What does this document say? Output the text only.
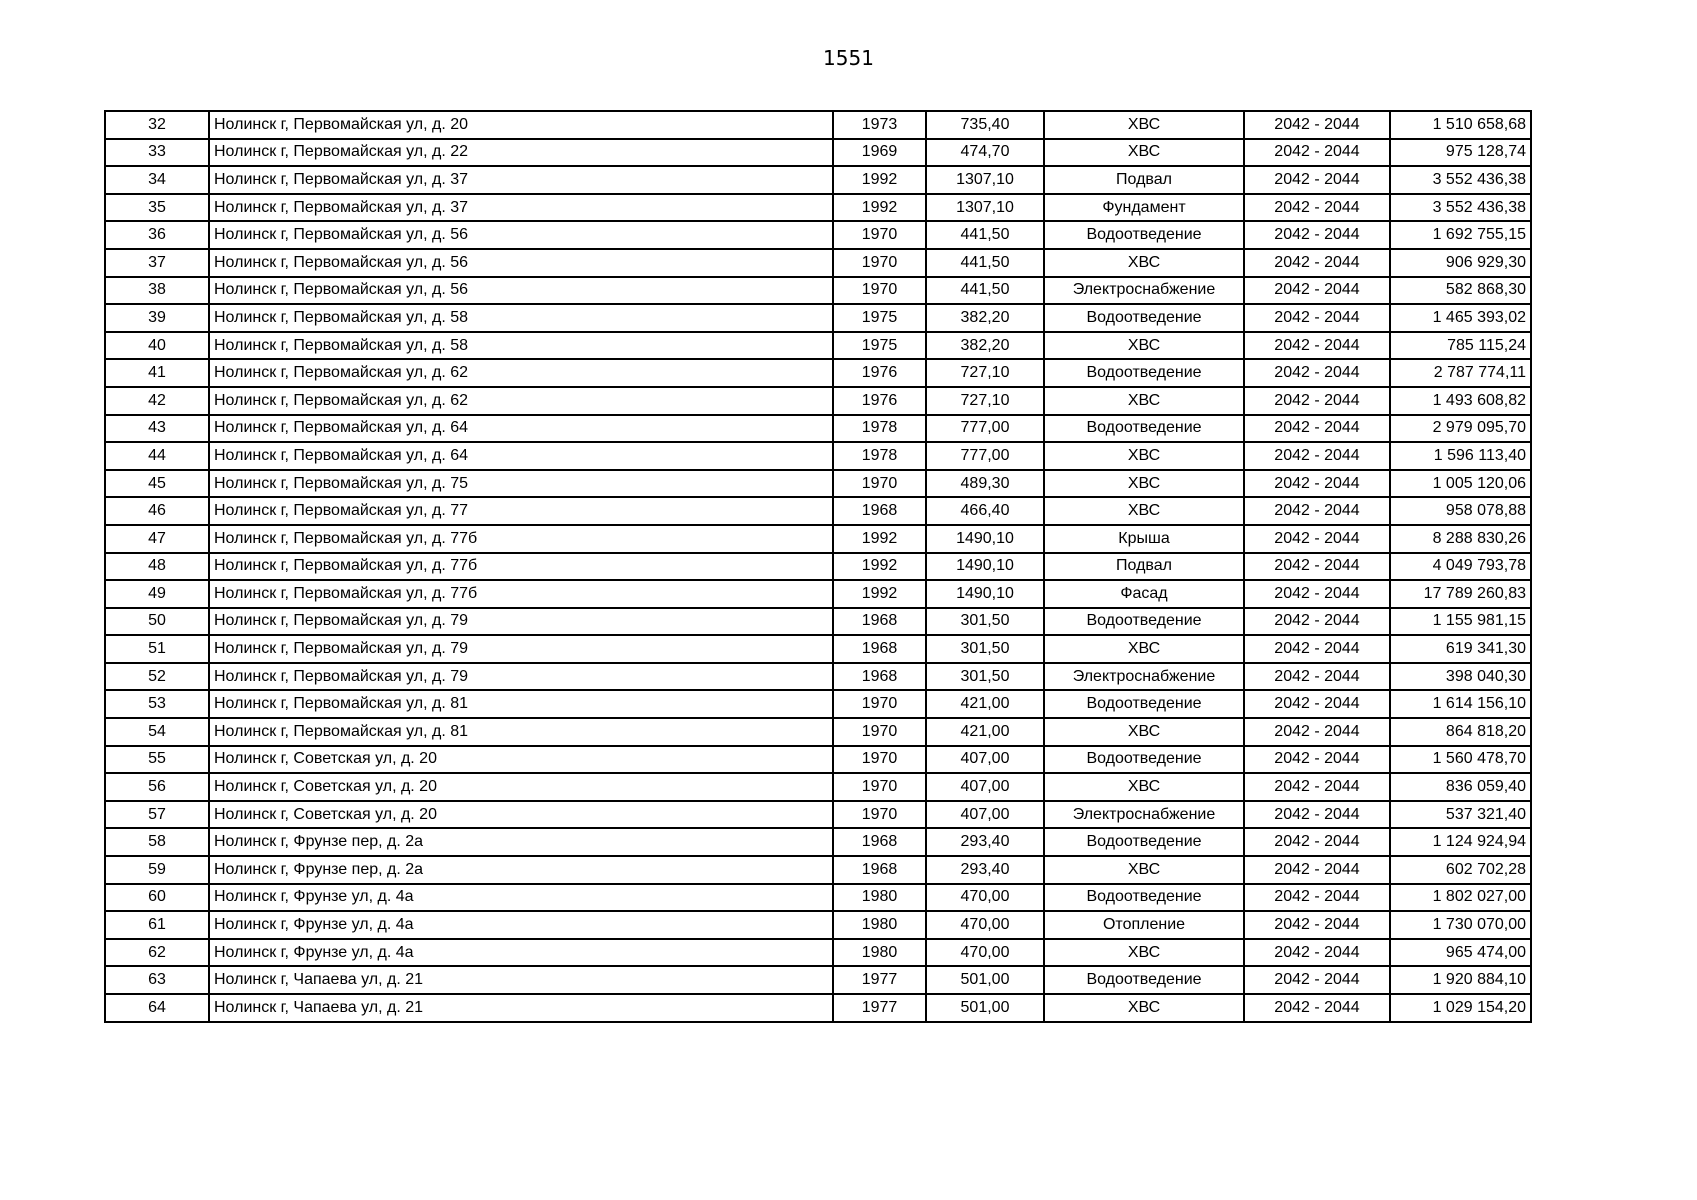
1551
32	Нолинск г, Первомайская ул, д. 20	1973	735,40	ХВС	2042 - 2044	1 510 658,68
33	Нолинск г, Первомайская ул, д. 22	1969	474,70	ХВС	2042 - 2044	975 128,74
34	Нолинск г, Первомайская ул, д. 37	1992	1307,10	Подвал	2042 - 2044	3 552 436,38
35	Нолинск г, Первомайская ул, д. 37	1992	1307,10	Фундамент	2042 - 2044	3 552 436,38
36	Нолинск г, Первомайская ул, д. 56	1970	441,50	Водоотведение	2042 - 2044	1 692 755,15
37	Нолинск г, Первомайская ул, д. 56	1970	441,50	ХВС	2042 - 2044	906 929,30
38	Нолинск г, Первомайская ул, д. 56	1970	441,50	Электроснабжение	2042 - 2044	582 868,30
39	Нолинск г, Первомайская ул, д. 58	1975	382,20	Водоотведение	2042 - 2044	1 465 393,02
40	Нолинск г, Первомайская ул, д. 58	1975	382,20	ХВС	2042 - 2044	785 115,24
41	Нолинск г, Первомайская ул, д. 62	1976	727,10	Водоотведение	2042 - 2044	2 787 774,11
42	Нолинск г, Первомайская ул, д. 62	1976	727,10	ХВС	2042 - 2044	1 493 608,82
43	Нолинск г, Первомайская ул, д. 64	1978	777,00	Водоотведение	2042 - 2044	2 979 095,70
44	Нолинск г, Первомайская ул, д. 64	1978	777,00	ХВС	2042 - 2044	1 596 113,40
45	Нолинск г, Первомайская ул, д. 75	1970	489,30	ХВС	2042 - 2044	1 005 120,06
46	Нолинск г, Первомайская ул, д. 77	1968	466,40	ХВС	2042 - 2044	958 078,88
47	Нолинск г, Первомайская ул, д. 77б	1992	1490,10	Крыша	2042 - 2044	8 288 830,26
48	Нолинск г, Первомайская ул, д. 77б	1992	1490,10	Подвал	2042 - 2044	4 049 793,78
49	Нолинск г, Первомайская ул, д. 77б	1992	1490,10	Фасад	2042 - 2044	17 789 260,83
50	Нолинск г, Первомайская ул, д. 79	1968	301,50	Водоотведение	2042 - 2044	1 155 981,15
51	Нолинск г, Первомайская ул, д. 79	1968	301,50	ХВС	2042 - 2044	619 341,30
52	Нолинск г, Первомайская ул, д. 79	1968	301,50	Электроснабжение	2042 - 2044	398 040,30
53	Нолинск г, Первомайская ул, д. 81	1970	421,00	Водоотведение	2042 - 2044	1 614 156,10
54	Нолинск г, Первомайская ул, д. 81	1970	421,00	ХВС	2042 - 2044	864 818,20
55	Нолинск г, Советская ул, д. 20	1970	407,00	Водоотведение	2042 - 2044	1 560 478,70
56	Нолинск г, Советская ул, д. 20	1970	407,00	ХВС	2042 - 2044	836 059,40
57	Нолинск г, Советская ул, д. 20	1970	407,00	Электроснабжение	2042 - 2044	537 321,40
58	Нолинск г, Фрунзе пер, д. 2а	1968	293,40	Водоотведение	2042 - 2044	1 124 924,94
59	Нолинск г, Фрунзе пер, д. 2а	1968	293,40	ХВС	2042 - 2044	602 702,28
60	Нолинск г, Фрунзе ул, д. 4а	1980	470,00	Водоотведение	2042 - 2044	1 802 027,00
61	Нолинск г, Фрунзе ул, д. 4а	1980	470,00	Отопление	2042 - 2044	1 730 070,00
62	Нолинск г, Фрунзе ул, д. 4а	1980	470,00	ХВС	2042 - 2044	965 474,00
63	Нолинск г, Чапаева ул, д. 21	1977	501,00	Водоотведение	2042 - 2044	1 920 884,10
64	Нолинск г, Чапаева ул, д. 21	1977	501,00	ХВС	2042 - 2044	1 029 154,20
